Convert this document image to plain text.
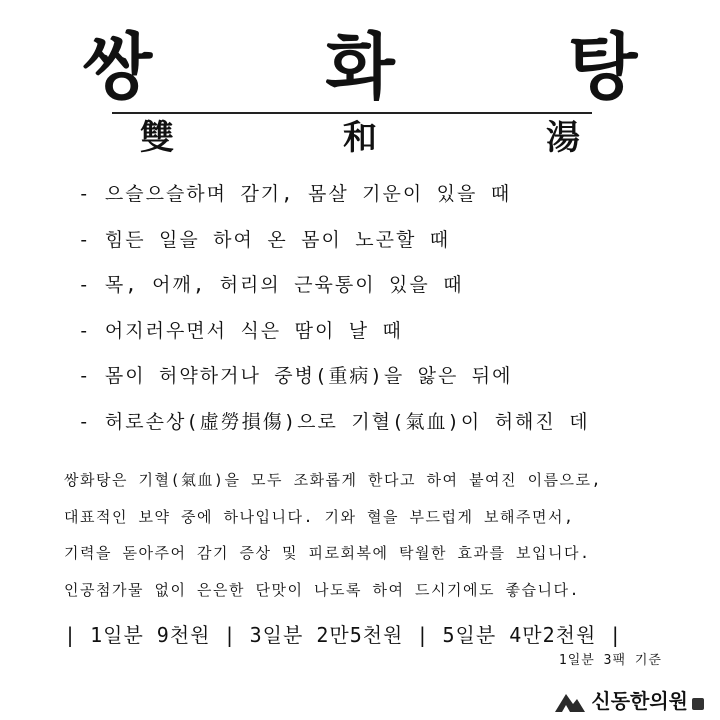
쌍 화 탕
雙	和	湯
- 으슬으슬하며 감기, 몸살 기운이 있을 때
- 힘든 일을 하여 온 몸이 노곤할 때
- 목, 어깨, 허리의 근육통이 있을 때
- 어지러우면서 식은 땀이 날 때
- 몸이 허약하거나 중병(重病)을 앓은 뒤에
- 허로손상(虛勞損傷)으로 기혈(氣血)이 허해진 데

쌍화탕은 기혈(氣血)을 모두 조화롭게 한다고 하여 붙여진 이름으로,

대표적인 보약 중에 하나입니다. 기와 혈을 부드럽게 보해주면서,

기력을 돋아주어 감기 증상 및 피로회복에 탁월한 효과를 보입니다.

인공첨가물 없이 은은한 단맛이 나도록 하여 드시기에도 좋습니다.

| 1일분 9천원 | 3일분 2만5천원 | 5일분 4만2천원 |
1일분 3팩 기준
신동한의원
